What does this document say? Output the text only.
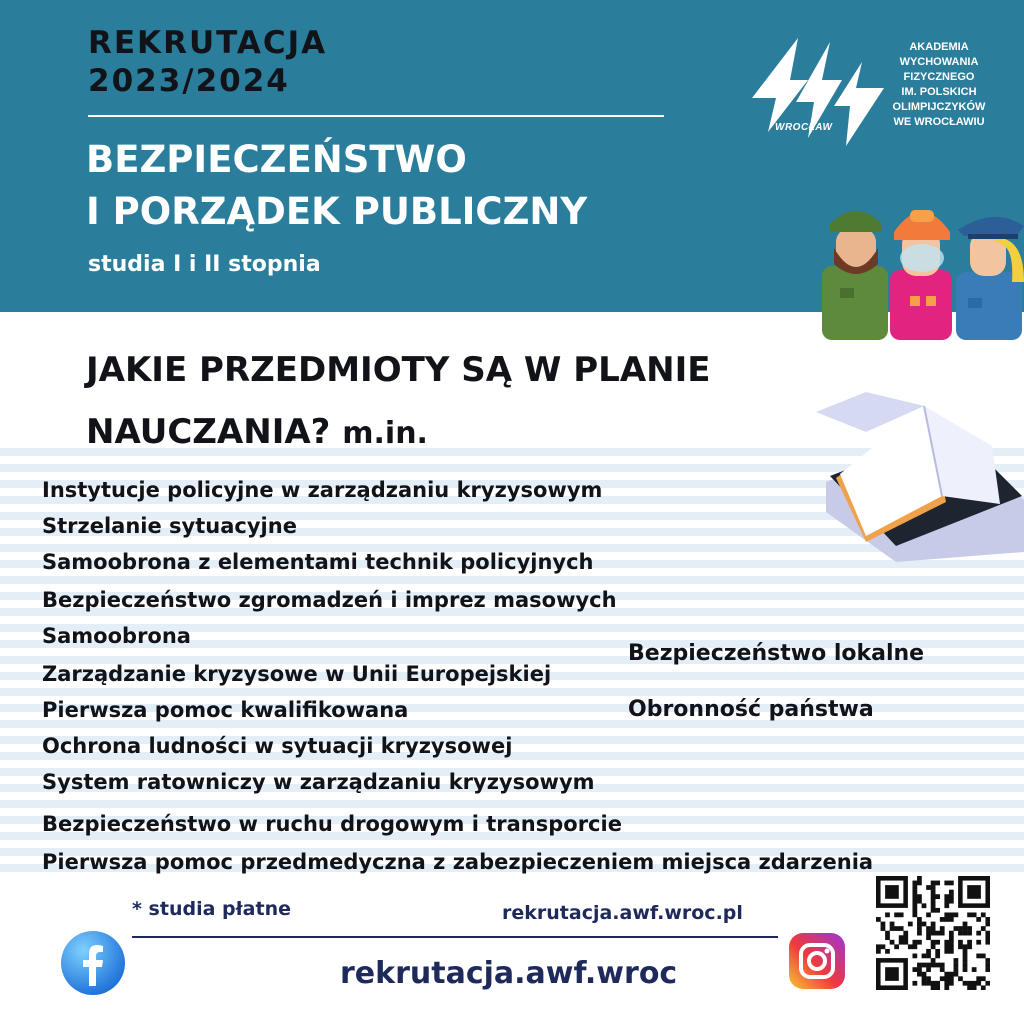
REKRUTACJA
2023/2024
BEZPIECZEŃSTWO
I PORZĄDEK PUBLICZNY
studia I i II stopnia
WROCŁAW
AKADEMIA
WYCHOWANIA
FIZYCZNEGO
IM. POLSKICH
OLIMPIJCZYKÓW
WE WROCŁAWIU
JAKIE PRZEDMIOTY SĄ W PLANIE
NAUCZANIA? m.in.
Instytucje policyjne w zarządzaniu kryzysowym
Strzelanie sytuacyjne
Samoobrona z elementami technik policyjnych
Bezpieczeństwo zgromadzeń i imprez masowych
Samoobrona
Zarządzanie kryzysowe w Unii Europejskiej
Pierwsza pomoc kwalifikowana
Ochrona ludności w sytuacji kryzysowej
System ratowniczy w zarządzaniu kryzysowym
Bezpieczeństwo w ruchu drogowym i transporcie
Pierwsza pomoc przedmedyczna z zabezpieczeniem miejsca zdarzenia
Bezpieczeństwo lokalne
Obronność państwa
* studia płatne	rekrutacja.awf.wroc.pl
rekrutacja.awf.wroc
